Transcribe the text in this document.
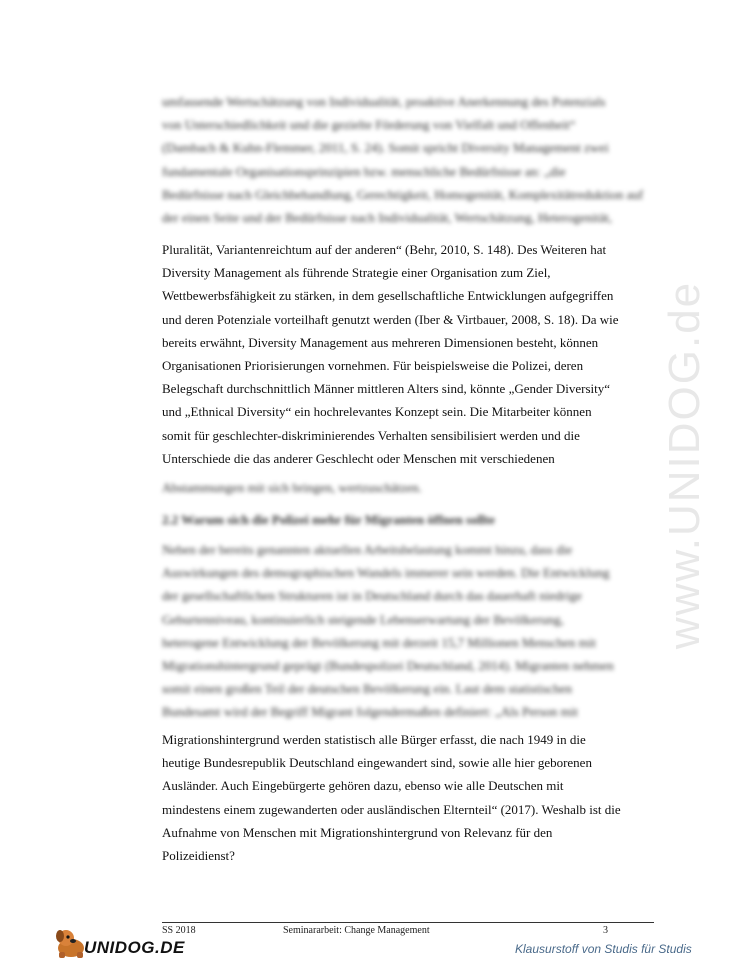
www.UNIDOG.de
umfassende Wertschätzung von Individualität, proaktive Anerkennung des Potenzials
von Unterschiedlichkeit und die gezielte Förderung von Vielfalt und Offenheit“
(Dambach & Kuhn-Flemmer, 2011, S. 24). Somit spricht Diversity Management zwei
fundamentale Organisationsprinzipien bzw. menschliche Bedürfnisse an: „die
Bedürfnisse nach Gleichbehandlung, Gerechtigkeit, Homogenität, Komplexitätreduktion auf
der einen Seite und der Bedürfnisse nach Individualität, Wertschätzung, Heterogenität,
Pluralität, Variantenreichtum auf der anderen“ (Behr, 2010, S. 148). Des Weiteren hat
Diversity Management als führende Strategie einer Organisation zum Ziel,
Wettbewerbsfähigkeit zu stärken, in dem gesellschaftliche Entwicklungen aufgegriffen
und deren Potenziale vorteilhaft genutzt werden (Iber & Virtbauer, 2008, S. 18). Da wie
bereits erwähnt, Diversity Management aus mehreren Dimensionen besteht, können
Organisationen Priorisierungen vornehmen. Für beispielsweise die Polizei, deren
Belegschaft durchschnittlich Männer mittleren Alters sind, könnte „Gender Diversity“
und „Ethnical Diversity“ ein hochrelevantes Konzept sein. Die Mitarbeiter können
somit für geschlechter-diskriminierendes Verhalten sensibilisiert werden und die
Unterschiede die das anderer Geschlecht oder Menschen mit verschiedenen
Abstammungen mit sich bringen, wertzuschätzen.
2.2 Warum sich die Polizei mehr für Migranten öffnen sollte
Neben der bereits genannten aktuellen Arbeitsbelastung kommt hinzu, dass die
Auswirkungen des demographischen Wandels immerer sein werden. Die Entwicklung
der gesellschaftlichen Strukturen ist in Deutschland durch das dauerhaft niedrige
Geburtenniveau, kontinuierlich steigende Lebenserwartung der Bevölkerung,
heterogene Entwicklung der Bevölkerung mit derzeit 15,7 Millionen Menschen mit
Migrationshintergrund geprägt (Bundespolizei Deutschland, 2014). Migranten nehmen
somit einen großen Teil der deutschen Bevölkerung ein. Laut dem statistischen
Bundesamt wird der Begriff Migrant folgendermaßen definiert: „Als Person mit
Migrationshintergrund werden statistisch alle Bürger erfasst, die nach 1949 in die
heutige Bundesrepublik Deutschland eingewandert sind, sowie alle hier geborenen
Ausländer. Auch Eingebürgerte gehören dazu, ebenso wie alle Deutschen mit
mindestens einem zugewanderten oder ausländischen Elternteil“ (2017). Weshalb ist die
Aufnahme von Menschen mit Migrationshintergrund von Relevanz für den
Polizeidienst?
SS 2018	Seminararbeit: Change Management	3
UNIDOG.DE	Klausurstoff von Studis für Studis
